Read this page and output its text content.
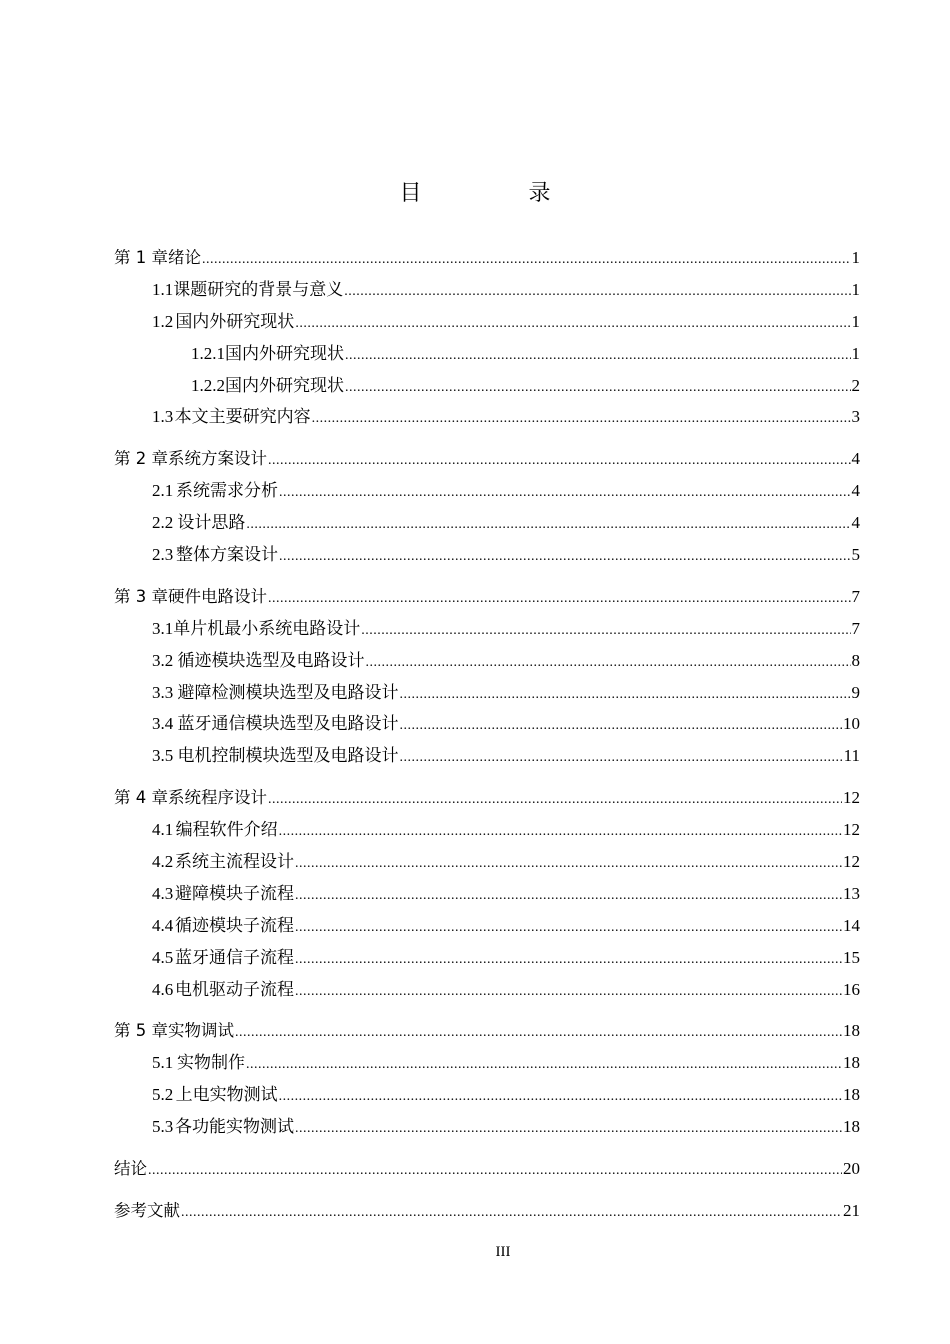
目 录
第 1 章 绪论 .....	1
1.1 课题研究的背景与意义 .....	1
1.2 国内外研究现状 .....	1
1.2.1 国内外研究现状 .....	1
1.2.2 国内外研究现状 .....	2
1.3 本文主要研究内容 .....	3
第 2 章 系统方案设计 .....	4
2.1 系统需求分析 .....	4
2.2 设计思路 .....	4
2.3 整体方案设计 .....	5
第 3 章 硬件电路设计 .....	7
3.1 单片机最小系统电路设计 .....	7
3.2 循迹模块选型及电路设计 .....	8
3.3 避障检测模块选型及电路设计 .....	9
3.4 蓝牙通信模块选型及电路设计 .....	10
3.5 电机控制模块选型及电路设计 .....	11
第 4 章 系统程序设计 .....	12
4.1 编程软件介绍 .....	12
4.2 系统主流程设计 .....	12
4.3 避障模块子流程 .....	13
4.4 循迹模块子流程 .....	14
4.5 蓝牙通信子流程 .....	15
4.6 电机驱动子流程 .....	16
第 5 章 实物调试 .....	18
5.1 实物制作 .....	18
5.2 上电实物测试 .....	18
5.3 各功能实物测试 .....	18
结论 .....	20
参考文献 .....	21
III
